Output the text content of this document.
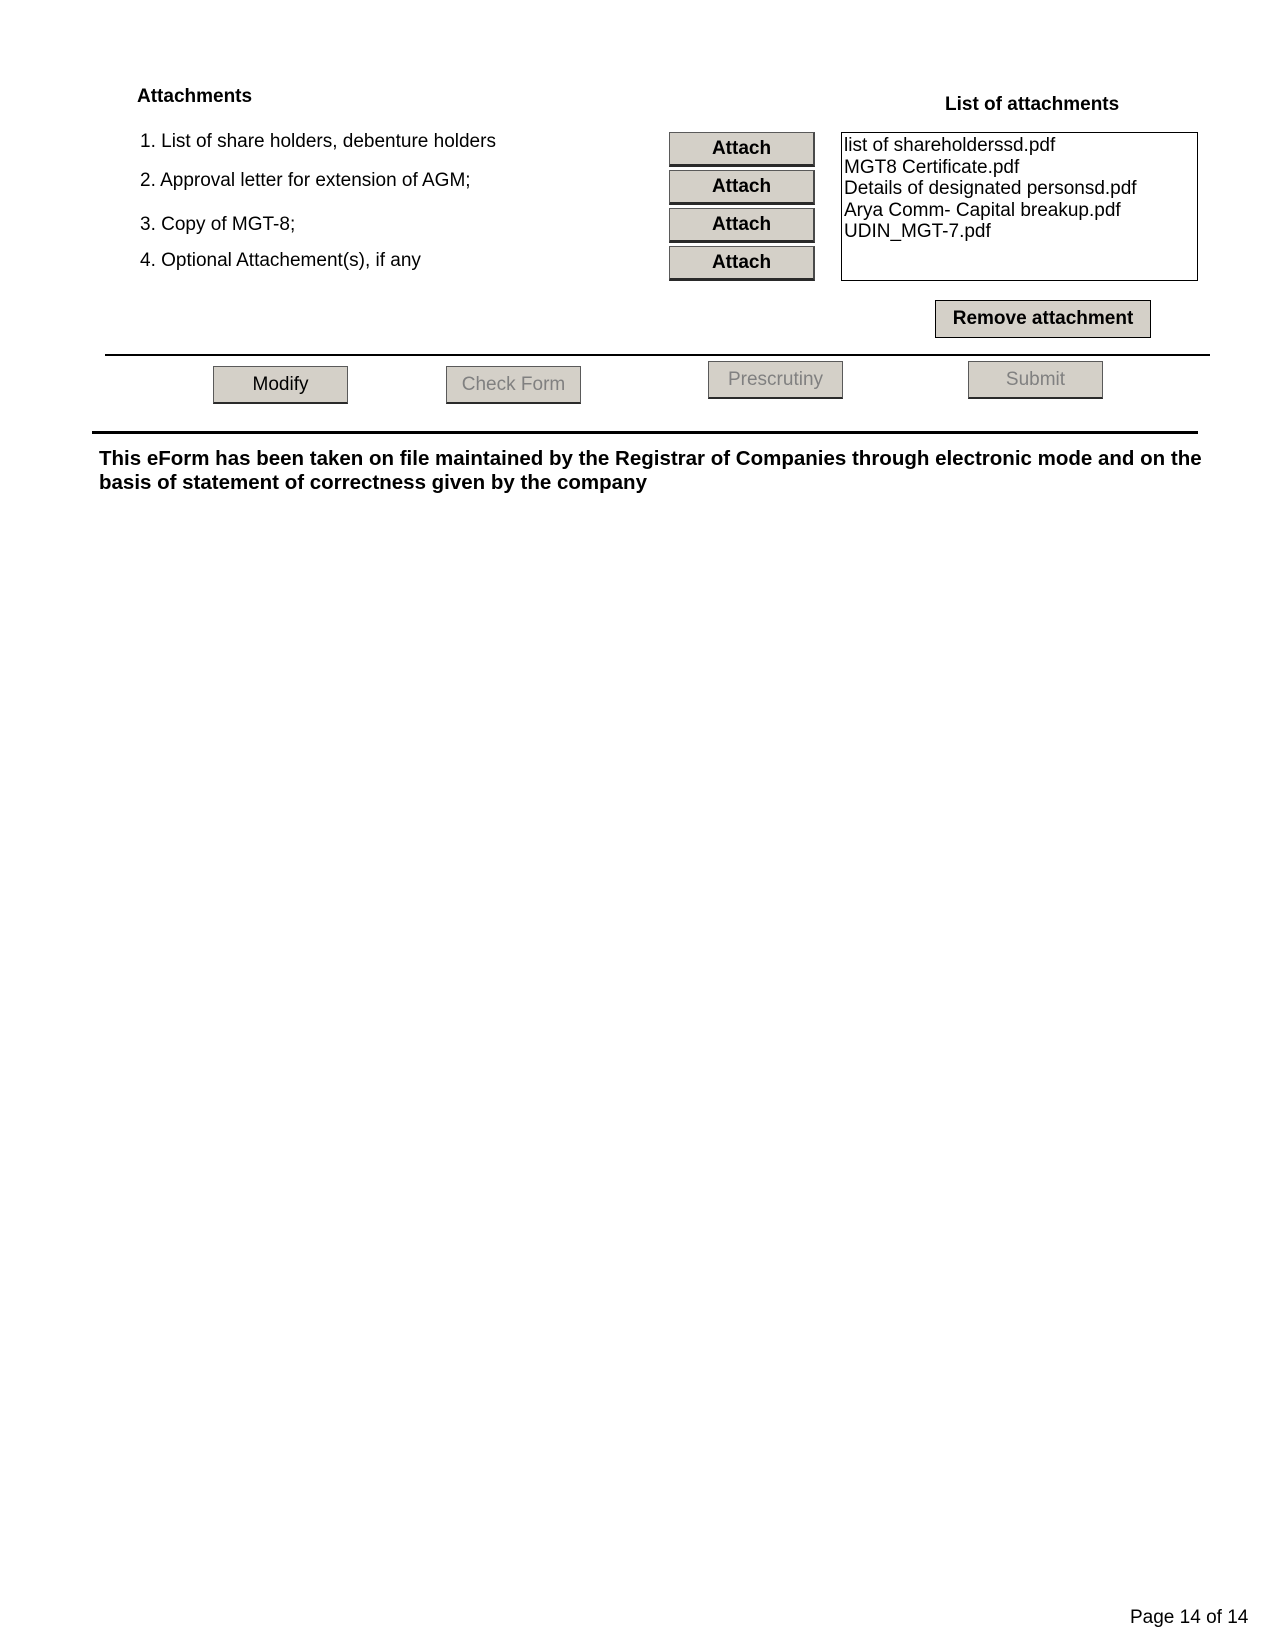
Attachments	List of attachments
1. List of share holders, debenture holders
2. Approval letter for extension of AGM;
3. Copy of MGT-8;
4. Optional Attachement(s), if any
Attach
Attach
Attach
Attach
list of shareholderssd.pdf
MGT8 Certificate.pdf
Details of designated personsd.pdf
Arya Comm- Capital breakup.pdf
UDIN_MGT-7.pdf
Remove attachment
Modify	Check Form	Prescrutiny	Submit
This eForm has been taken on file maintained by the Registrar of Companies through electronic mode and on the basis of statement of correctness given by the company
Page 14 of 14
